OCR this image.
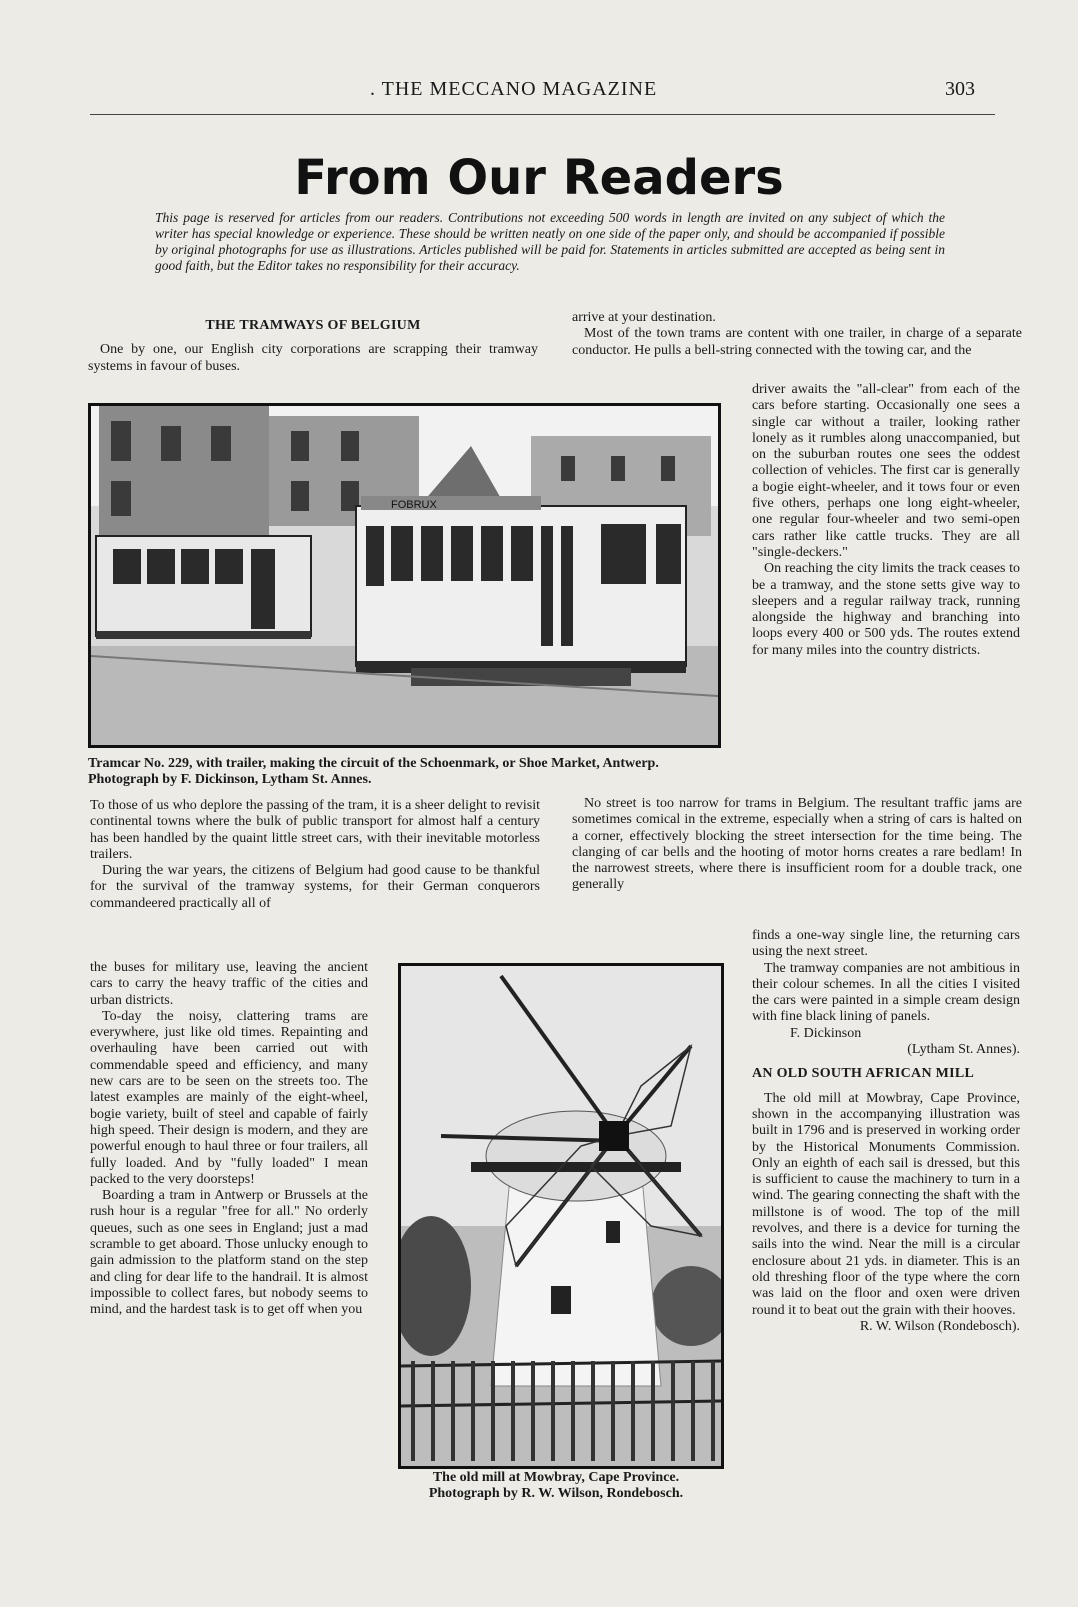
. THE MECCANO MAGAZINE	303
From Our Readers
This page is reserved for articles from our readers. Contributions not exceeding 500 words in length are invited on any subject of which the writer has special knowledge or experience. These should be written neatly on one side of the paper only, and should be accompanied if possible by original photographs for use as illustrations. Articles published will be paid for. Statements in articles submitted are accepted as being sent in good faith, but the Editor takes no responsibility for their accuracy.
THE TRAMWAYS OF BELGIUM

One by one, our English city corporations are scrapping their tramway systems in favour of buses.

arrive at your destination.

Most of the town trams are content with one trailer, in charge of a separate conductor. He pulls a bell-string connected with the towing car, and the

FOBRUX
Tramcar No. 229, with trailer, making the circuit of the Schoenmark, or Shoe Market, Antwerp. Photograph by F. Dickinson, Lytham St. Annes.

driver awaits the "all-clear" from each of the cars before starting. Occasionally one sees a single car without a trailer, looking rather lonely as it rumbles along unaccompanied, but on the suburban routes one sees the oddest collection of vehicles. The first car is generally a bogie eight-wheeler, and it tows four or even five others, perhaps one long eight-wheeler, one regular four-wheeler and two semi-open cars rather like cattle trucks. They are all "single-deckers."

On reaching the city limits the track ceases to be a tramway, and the stone setts give way to sleepers and a regular railway track, running alongside the highway and branching into loops every 400 or 500 yds. The routes extend for many miles into the country districts.

To those of us who deplore the passing of the tram, it is a sheer delight to revisit continental towns where the bulk of public transport for almost half a century has been handled by the quaint little street cars, with their inevitable motorless trailers.

During the war years, the citizens of Belgium had good cause to be thankful for the survival of the tramway systems, for their German conquerors commandeered practically all of

the buses for military use, leaving the ancient cars to carry the heavy traffic of the cities and urban districts.

To-day the noisy, clattering trams are everywhere, just like old times. Repainting and overhauling have been carried out with commendable speed and efficiency, and many new cars are to be seen on the streets too. The latest examples are mainly of the eight-wheel, bogie variety, built of steel and capable of fairly high speed. Their design is modern, and they are powerful enough to haul three or four trailers, all fully loaded. And by "fully loaded" I mean packed to the very doorsteps!

Boarding a tram in Antwerp or Brussels at the rush hour is a regular "free for all." No orderly queues, such as one sees in England; just a mad scramble to get aboard. Those unlucky enough to gain admission to the platform stand on the step and cling for dear life to the handrail. It is almost impossible to collect fares, but nobody seems to mind, and the hardest task is to get off when you

No street is too narrow for trams in Belgium. The resultant traffic jams are sometimes comical in the extreme, especially when a string of cars is halted on a corner, effectively blocking the street intersection for the time being. The clanging of car bells and the hooting of motor horns creates a rare bedlam! In the narrowest streets, where there is insufficient room for a double track, one generally

finds a one-way single line, the returning cars using the next street.

The tramway companies are not ambitious in their colour schemes. In all the cities I visited the cars were painted in a simple cream design with fine black lining of panels.

F. Dickinson
(Lytham St. Annes).
AN OLD SOUTH AFRICAN MILL

The old mill at Mowbray, Cape Province, shown in the accompanying illustration was built in 1796 and is preserved in working order by the Historical Monuments Commission. Only an eighth of each sail is dressed, but this is sufficient to cause the machinery to turn in a wind. The gearing connecting the shaft with the millstone is of wood. The top of the mill revolves, and there is a device for turning the sails into the wind. Near the mill is a circular enclosure about 21 yds. in diameter. This is an old threshing floor of the type where the corn was laid on the floor and oxen were driven round it to beat out the grain with their hooves.

R. W. Wilson (Rondebosch).
The old mill at Mowbray, Cape Province. Photograph by R. W. Wilson, Rondebosch.
